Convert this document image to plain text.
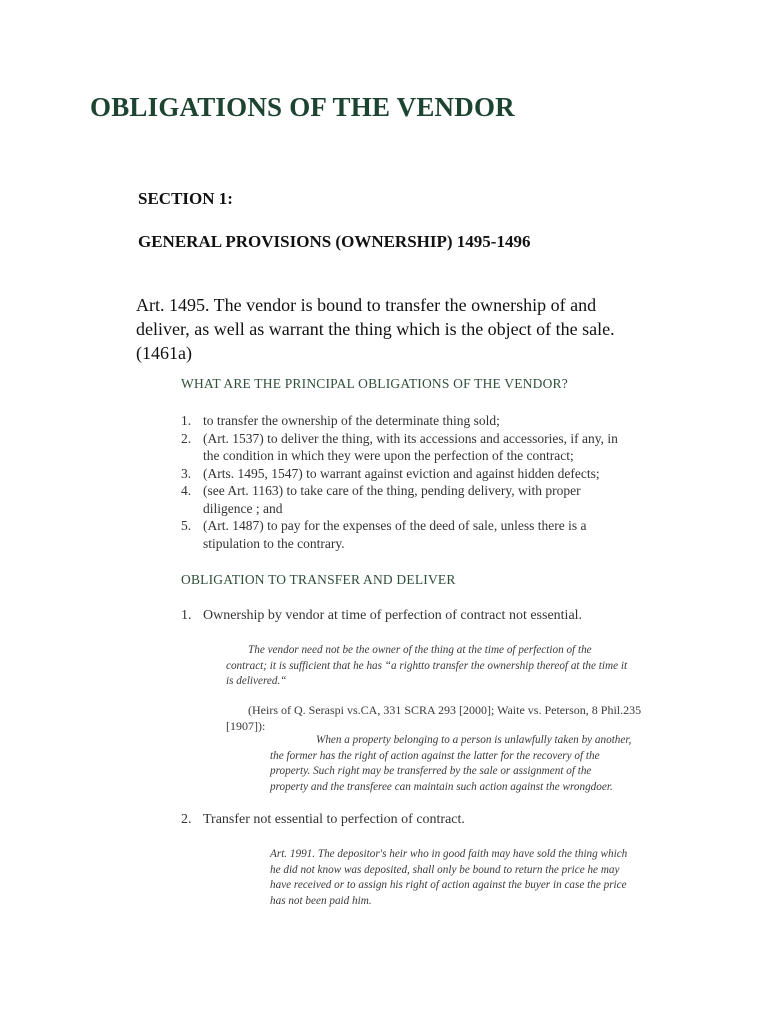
OBLIGATIONS OF THE VENDOR
SECTION 1:
GENERAL PROVISIONS (OWNERSHIP) 1495-1496

Art. 1495. The vendor is bound to transfer the ownership of and
deliver, as well as warrant the thing which is the object of the sale.
(1461a)

WHAT ARE THE PRINCIPAL OBLIGATIONS OF THE VENDOR?
1. to transfer the ownership of the determinate thing sold;
2. (Art. 1537) to deliver the thing, with its accessions and accessories, if any, in
the condition in which they were upon the perfection of the contract;
3. (Arts. 1495, 1547) to warrant against eviction and against hidden defects;
4. (see Art. 1163) to take care of the thing, pending delivery, with proper
diligence ; and
5. (Art. 1487) to pay for the expenses of the deed of sale, unless there is a
stipulation to the contrary.
OBLIGATION TO TRANSFER AND DELIVER
1. Ownership by vendor at time of perfection of contract not essential.
The vendor need not be the owner of the thing at the time of perfection of the
contract; it is sufficient that he has “a rightto transfer the ownership thereof at the time it
is delivered.“
(Heirs of Q. Seraspi vs.CA, 331 SCRA 293 [2000]; Waite vs. Peterson, 8 Phil.235
[1907]):
When a property belonging to a person is unlawfully taken by another,
the former has the right of action against the latter for the recovery of the
property. Such right may be transferred by the sale or assignment of the
property and the transferee can maintain such action against the wrongdoer.
2. Transfer not essential to perfection of contract.
Art. 1991. The depositor's heir who in good faith may have sold the thing which
he did not know was deposited, shall only be bound to return the price he may
have received or to assign his right of action against the buyer in case the price
has not been paid him.
